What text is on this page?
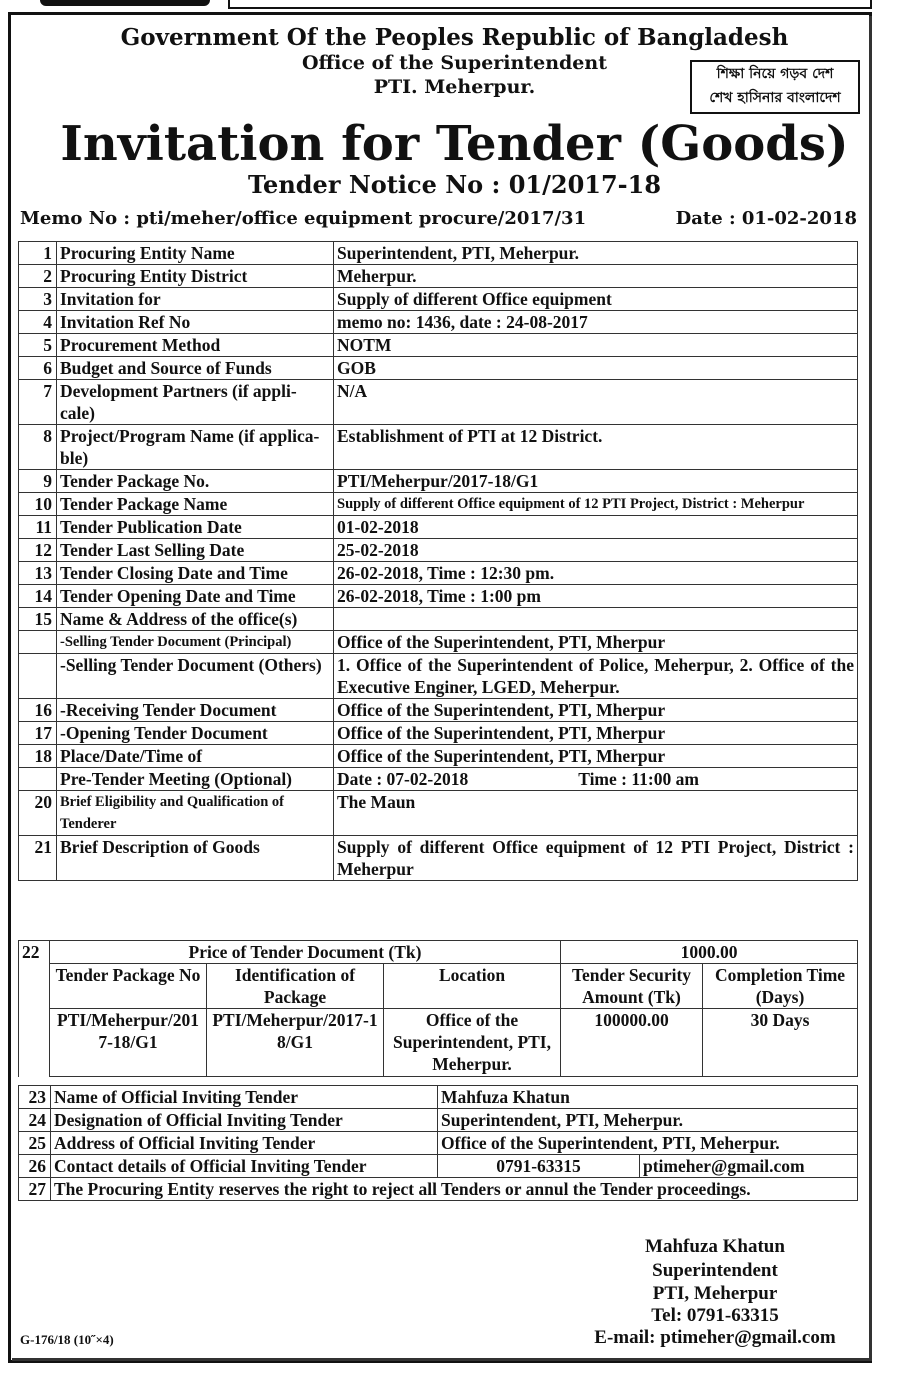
Government Of the Peoples Republic of Bangladesh
Office of the Superintendent
PTI. Meherpur.
শিক্ষা নিয়ে গড়ব দেশ
শেখ হাসিনার বাংলাদেশ
Invitation for Tender (Goods)
Tender Notice No : 01/2017-18
Memo No : pti/meher/office equipment procure/2017/31	Date : 01-02-2018
1	Procuring Entity Name	Superintendent, PTI, Meherpur.
2	Procuring Entity District	Meherpur.
3	Invitation for	Supply of different Office equipment
4	Invitation Ref No	memo no: 1436, date : 24-08-2017
5	Procurement Method	NOTM
6	Budget and Source of Funds	GOB
7	Development Partners (if appli-cale)	N/A
8	Project/Program Name (if applica-ble)	Establishment of PTI at 12 District.
9	Tender Package No.	PTI/Meherpur/2017-18/G1
10	Tender Package Name	Supply of different Office equipment of 12 PTI Project, District : Meherpur
11	Tender Publication Date	01-02-2018
12	Tender Last Selling Date	25-02-2018
13	Tender Closing Date and Time	26-02-2018, Time : 12:30 pm.
14	Tender Opening Date and Time	26-02-2018, Time : 1:00 pm
15	Name & Address of the office(s)	
	-Selling Tender Document (Principal)	Office of the Superintendent, PTI, Mherpur
	-Selling Tender Document (Others)	1. Office of the Superintendent of Police, Meherpur, 2. Office of the Executive Enginer, LGED, Meherpur.
16	-Receiving Tender Document	Office of the Superintendent, PTI, Mherpur
17	-Opening Tender Document	Office of the Superintendent, PTI, Mherpur
18	Place/Date/Time of	Office of the Superintendent, PTI, Mherpur
	Pre-Tender Meeting (Optional)	Date : 07-02-2018 Time : 11:00 am
20	Brief Eligibility and Qualification of Tenderer	The Maun
21	Brief Description of Goods	Supply of different Office equipment of 12 PTI Project, District : Meherpur
22	Price of Tender Document (Tk)			1000.00	
	Tender Package No	Identification of Package	Location	Tender Security Amount (Tk)	Completion Time (Days)
	PTI/Meherpur/2017-18/G1	PTI/Meherpur/2017-18/G1	Office of the Superintendent, PTI, Meherpur.	100000.00	30 Days
23	Name of Official Inviting Tender	Mahfuza Khatun	
24	Designation of Official Inviting Tender	Superintendent, PTI, Meherpur.	
25	Address of Official Inviting Tender	Office of the Superintendent, PTI, Meherpur.	
26	Contact details of Official Inviting Tender	0791-63315	ptimeher@gmail.com
27	The Procuring Entity reserves the right to reject all Tenders or annul the Tender proceedings.		
Mahfuza Khatun
Superintendent
PTI, Meherpur
Tel: 0791-63315
E-mail: ptimeher@gmail.com
G-176/18 (10˝×4)
